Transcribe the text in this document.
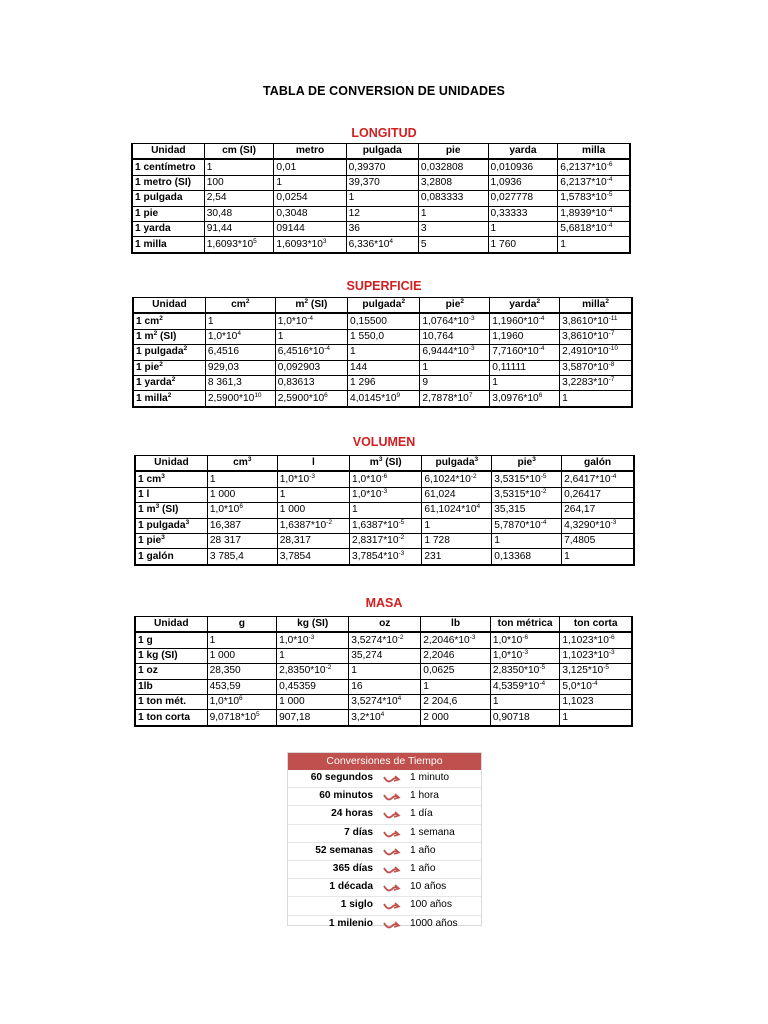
TABLA DE CONVERSION DE UNIDADES
LONGITUD
Unidad	cm (SI)	metro	pulgada	pie	yarda	milla
1 centímetro	1	0,01	0,39370	0,032808	0,010936	$6,2137*10^{-6}$
1 metro (SI)	100	1	39,370	3,2808	1,0936	$6,2137*10^{-4}$
1 pulgada	2,54	0,0254	1	0,083333	0,027778	$1,5783*10^{-5}$
1 pie	30,48	0,3048	12	1	0,33333	$1,8939*10^{-4}$
1 yarda	91,44	09144	36	3	1	$5,6818*10^{-4}$
1 milla	$1,6093*10^5$	$1,6093*10^3$	$6,336*10^4$	5	1 760	1
SUPERFICIE
Unidad	$cm^2$	$m^2$ (SI)	pulgada$^2$	pie$^2$	yarda$^2$	milla$^2$
1 $cm^2$	1	$1,0*10^{-4}$	0,15500	$1,0764*10^{-3}$	$1,1960*10^{-4}$	$3,8610*10^{-11}$
1 $m^2$ (SI)	$1,0*10^4$	1	1 550,0	10,764	1,1960	$3,8610*10^{-7}$
1 pulgada$^2$	6,4516	$6,4516*10^{-4}$	1	$6,9444*10^{-3}$	$7,7160*10^{-4}$	$2,4910*10^{-10}$
1 pie$^2$	929,03	0,092903	144	1	0,11111	$3,5870*10^{-8}$
1 yarda$^2$	8 361,3	0,83613	1 296	9	1	$3,2283*10^{-7}$
1 milla$^2$	$2,5900*10^{10}$	$2,5900*10^6$	$4,0145*10^9$	$2,7878*10^7$	$3,0976*10^6$	1
VOLUMEN
Unidad	$cm^3$	l	$m^3$ (SI)	pulgada$^3$	pie$^3$	galón
1 $cm^3$	1	$1,0*10^{-3}$	$1,0*10^{-6}$	$6,1024*10^{-2}$	$3,5315*10^{-5}$	$2,6417*10^{-4}$
1 l	1 000	1	$1,0*10^{-3}$	61,024	$3,5315*10^{-2}$	0,26417
1 $m^3$ (SI)	$1,0*10^6$	1 000	1	$61,1024*10^4$	35,315	264,17
1 pulgada$^3$	16,387	$1,6387*10^{-2}$	$1,6387*10^{-5}$	1	$5,7870*10^{-4}$	$4,3290*10^{-3}$
1 pie$^3$	28 317	28,317	$2,8317*10^{-2}$	1 728	1	7,4805
1 galón	3 785,4	3,7854	$3,7854*10^{-3}$	231	0,13368	1
MASA
Unidad	g	kg (SI)	oz	lb	ton métrica	ton corta
1 g	1	$1,0*10^{-3}$	$3,5274*10^{-2}$	$2,2046*10^{-3}$	$1,0*10^{-6}$	$1,1023*10^{-6}$
1 kg (SI)	1 000	1	35,274	2,2046	$1,0*10^{-3}$	$1,1023*10^{-3}$
1 oz	28,350	$2,8350*10^{-2}$	1	0,0625	$2,8350*10^{-5}$	$3,125*10^{-5}$
1lb	453,59	0,45359	16	1	$4,5359*10^{-4}$	$5,0*10^{-4}$
1 ton mét.	$1,0*10^6$	1 000	$3,5274*10^4$	2 204,6	1	1,1023
1 ton corta	$9,0718*10^5$	907,18	$3,2*10^4$	2 000	0,90718	1
Conversiones de Tiempo
60 segundos	1 minuto
60 minutos	1 hora
24 horas	1 día
7 días	1 semana
52 semanas	1 año
365 días	1 año
1 década	10 años
1 siglo	100 años
1 milenio	1000 años
